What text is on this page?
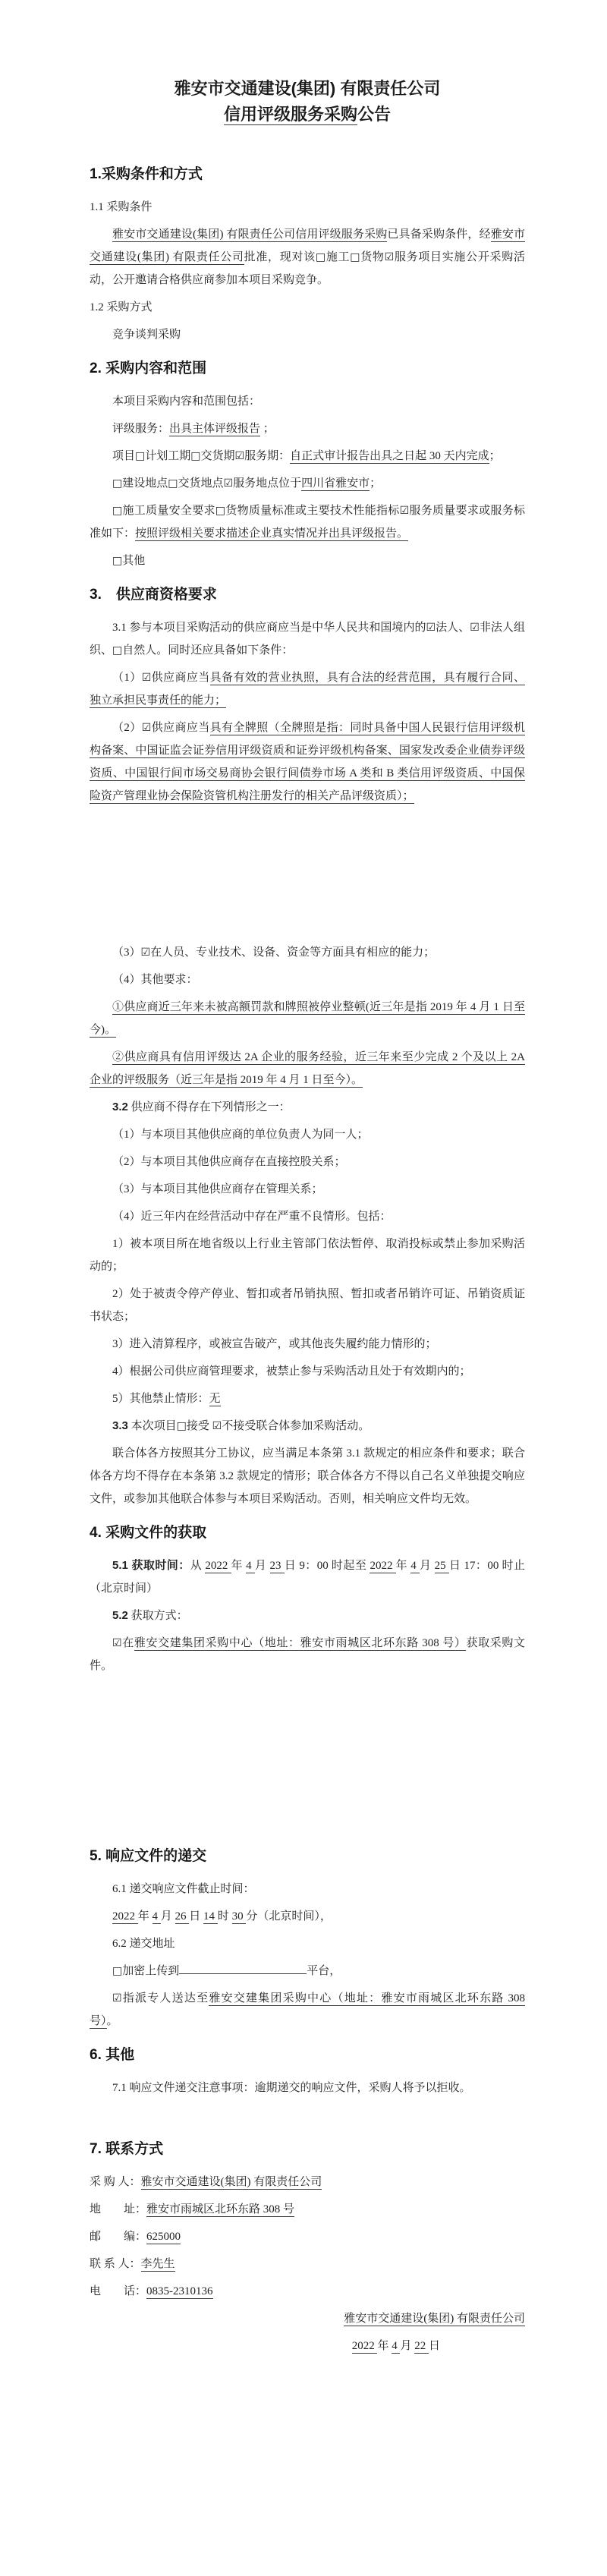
雅安市交通建设(集团) 有限责任公司
信用评级服务采购公告
1.采购条件和方式
1.1 采购条件
雅安市交通建设(集团) 有限责任公司信用评级服务采购已具备采购条件，经雅安市交通建设(集团) 有限责任公司批准，现对该□施工□货物☑服务项目实施公开采购活动，公开邀请合格供应商参加本项目采购竞争。
1.2 采购方式
竞争谈判采购
2. 采购内容和范围
本项目采购内容和范围包括：
评级服务：出具主体评级报告 ；
项目□计划工期□交货期☑服务期：自正式审计报告出具之日起 30 天内完成；
□建设地点□交货地点☑服务地点位于四川省雅安市；
□施工质量安全要求□货物质量标准或主要技术性能指标☑服务质量要求或服务标准如下：按照评级相关要求描述企业真实情况并出具评级报告。
□其他
3.　供应商资格要求
3.1 参与本项目采购活动的供应商应当是中华人民共和国境内的☑法人、☑非法人组织、□自然人。同时还应具备如下条件：
（1）☑供应商应当具备有效的营业执照，具有合法的经营范围，具有履行合同、独立承担民事责任的能力；
（2）☑供应商应当具有全牌照（全牌照是指：同时具备中国人民银行信用评级机构备案、中国证监会证券信用评级资质和证券评级机构备案、国家发改委企业债券评级资质、中国银行间市场交易商协会银行间债券市场 A 类和 B 类信用评级资质、中国保险资产管理业协会保险资管机构注册发行的相关产品评级资质）；
（3）☑在人员、专业技术、设备、资金等方面具有相应的能力；
（4）其他要求：
①供应商近三年来未被高额罚款和牌照被停业整顿(近三年是指 2019 年 4 月 1 日至今)。
②供应商具有信用评级达 2A 企业的服务经验，近三年来至少完成 2 个及以上 2A 企业的评级服务（近三年是指 2019 年 4 月 1 日至今）。
3.2 供应商不得存在下列情形之一：
（1）与本项目其他供应商的单位负责人为同一人；
（2）与本项目其他供应商存在直接控股关系；
（3）与本项目其他供应商存在管理关系；
（4）近三年内在经营活动中存在严重不良情形。包括：
1）被本项目所在地省级以上行业主管部门依法暂停、取消投标或禁止参加采购活动的；
2）处于被责令停产停业、暂扣或者吊销执照、暂扣或者吊销许可证、吊销资质证书状态；
3）进入清算程序，或被宣告破产，或其他丧失履约能力情形的；
4）根据公司供应商管理要求，被禁止参与采购活动且处于有效期内的；
5）其他禁止情形：无
3.3 本次项目□接受 ☑不接受联合体参加采购活动。
联合体各方按照其分工协议，应当满足本条第 3.1 款规定的相应条件和要求；联合体各方均不得存在本条第 3.2 款规定的情形；联合体各方不得以自己名义单独提交响应文件，或参加其他联合体参与本项目采购活动。否则，相关响应文件均无效。
4. 采购文件的获取
5.1 获取时间：从 2022 年 4 月 23 日 9：00 时起至 2022 年 4 月 25 日 17：00 时止（北京时间）
5.2 获取方式：
☑在雅安交建集团采购中心（地址：雅安市雨城区北环东路 308 号）获取采购文件。
5. 响应文件的递交
6.1 递交响应文件截止时间：
2022 年 4 月 26 日 14 时 30 分（北京时间），
6.2 递交地址
□加密上传到	平台，
☑指派专人送达至雅安交建集团采购中心（地址：雅安市雨城区北环东路 308 号）。
6. 其他
7.1 响应文件递交注意事项：逾期递交的响应文件，采购人将予以拒收。
7. 联系方式
采 购 人：雅安市交通建设(集团) 有限责任公司
地　　址：雅安市雨城区北环东路 308 号
邮　　编：625000
联 系 人：李先生
电　　话：0835-2310136
雅安市交通建设(集团) 有限责任公司
2022 年 4 月 22 日
